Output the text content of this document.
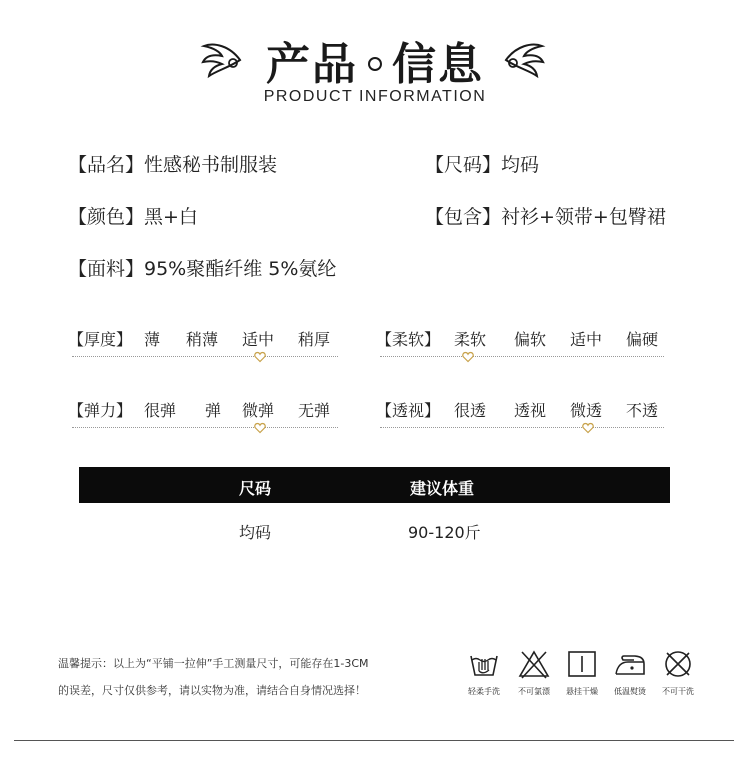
产品 信息
PRODUCT INFORMATION
【品名】性感秘书制服装	【尺码】均码
【颜色】黑+白	【包含】衬衫+领带+包臀裙
【面料】95%聚酯纤维 5%氨纶
【厚度】 薄 稍薄 适中 稍厚	【柔软】 柔软 偏软 适中 偏硬
【弹力】 很弹 弹 微弹 无弹	【透视】 很透 透视 微透 不透
尺码	建议体重
均码	90-120斤
温馨提示：以上为“平铺一拉伸”手工测量尺寸，可能存在1-3CM
的误差，尺寸仅供参考，请以实物为准，请结合自身情况选择！	轻柔手洗	不可氯漂	悬挂干燥	低温熨烫	不可干洗
